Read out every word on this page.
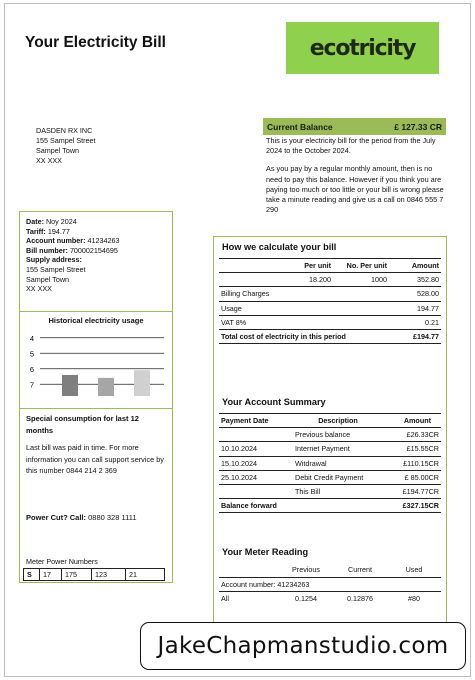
Your Electricity Bill	ecotricity
DASDEN RX INC
155 Sampel Street
Sampel Town
XX XXX
Current Balance	£ 127.33 CR

This is your electricity bill for the period from the July 2024 to the October 2024.

As you pay by a regular monthly amount, then is no need to pay this balance. However if you think you are paying too much or too little or your bill is wrong please take a minute reading and give us a call on 0846 555 7 290

Date: Noy 2024
Tariff: 194.77
Account number: 41234263
Bill number: 700002154695
Supply address:
155 Sampel Street
Sampel Town
XX XXX
Historical electricity usage
4
5
6
7
Special consumption for last 12 months
Last bill was paid in time. For more information you can call support service by this number 0844 214 2 369
Power Cut? Call: 0880 328 1111
Meter Power Numbers
S	17	175	123	21
How we calculate your bill
	Per unit	No. Per unit	Amount
	18.200	1000	352.80
Billing Charges			528.00
Usage			194.77
VAT 8%			0.21
Total cost of electricity in this period			£194.77
Your Account Summary
Payment Date	Description	Amount
	Previous balance	£26.33CR
10.10.2024	Internet Payment	£15.55CR
15.10.2024	Witdrawal	£110.15CR
25.10.2024	Debit Credit Payment	£ 85.00CR
	This Bill	£194.77CR
Balance forward		£327.15CR
Your Meter Reading
	Previous	Current	Used
Account number: 41234263			
All	0.1254	0.12876	#80
JakeChapmanstudio.com
